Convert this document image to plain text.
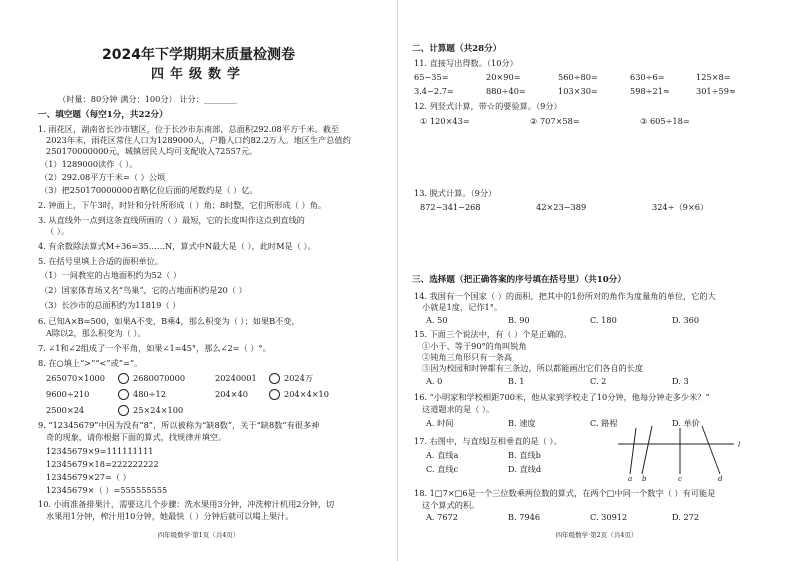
2024年下学期期末质量检测卷
四年级数学
（时量：80分钟 满分：100分） 计分：________
一、填空题（每空1分，共22分）
1. 雨花区，湖南省长沙市辖区，位于长沙市东南部，总面积292.08平方千米。截至
2023年末，雨花区常住人口为1289000人，户籍人口约82.2万人。地区生产总值约
250170000000元，城镇居民人均可支配收入72557元。
（1）1289000读作（ ）。
（2）292.08平方千米=（ ）公顷
（3）把250170000000省略亿位后面的尾数约是（ ）亿。
2. 钟面上，下午3时，时针和分针所形成（ ）角；8时整，它们所形成（ ）角。
3. 从直线外一点到这条直线所画的（ ）最短，它的长度叫作这点到直线的
（ ）。
4. 有余数除法算式M÷36=35……N，算式中N最大是（ ），此时M是（ ）。
5. 在括号里填上合适的面积单位。
（1）一间教室的占地面积约为52（ ）
（2）国家体育场又名“鸟巢”，它的占地面积约是20（ ）
（3）长沙市的总面积约为11819（ ）
6. 已知A×B=500，如果A不变，B乘4，那么积变为（ ）；如果B不变，
A除以2，那么积变为（ ）。
7. ∠1和∠2组成了一个平角，如果∠1=45°，那么∠2=（ ）°。
8. 在○填上“>”“<”或“=”。
265070×1000	2680070000	20240001	2024万
9600÷210	480÷12	204×40	204×4×10
2500×24	25×24×100
9. “12345679”中因为没有“8”，所以被称为“缺8数”，关于“缺8数”有很多神
奇的现象，请你根据下面的算式，找规律并填空。
12345679×9=111111111
12345679×18=222222222
12345679×27=（ ）
12345679×（ ）=555555555
10. 小雨准备排果汁，需要这几个步骤：洗水果用3分钟，冲洗榨汁机用2分钟，切
水果用1分钟，榨汁用10分钟，她最快（ ）分钟后就可以喝上果汁。
四年级数学·第1页（共4页）
二、计算题（共28分）
11. 直接写出得数。（10分）
65−35=	20×90=	560÷80=	630÷6=	125×8=
3.4−2.7=	880÷40=	103×30=	598÷21≈	301÷59≈
12. 列竖式计算，带☆的要验算。（9分）
① 120×43=	② 707×58=	③ 605÷18=
13. 脱式计算。（9分）
872−341−268	42×23−389	324÷（9×6）
三、选择题（把正确答案的序号填在括号里）（共10分）
14. 我国有一个国家（ ）的面积，把其中的1份所对的角作为度量角的单位，它的大
小就是1度，记作1°。
A. 50	B. 90	C. 180	D. 360
15. 下面三个说法中，有（ ）个是正确的。
①小于、等于90°的角叫锐角
②钝角三角形只有一条高
③因为校园和时钟都有三条边，所以都能画出它们各自的长度
A. 0	B. 1	C. 2	D. 3
16. “小明家和学校相距700米，他从家到学校走了10分钟，他每分钟走多少米？”
这道题求的是（ ）。
A. 时间	B. 速度	C. 路程	D. 单价
17. 右图中，与直线l互相垂直的是（ ）。
A. 直线a	B. 直线b
C. 直线c	D. 直线d
a b	c	d
l
18. 1□7×□6是一个三位数乘两位数的算式，在两个□中同一个数字（ ）有可能是
这个算式的积。
A. 7672	B. 7946	C. 30912	D. 272
四年级数学·第2页（共4页）
